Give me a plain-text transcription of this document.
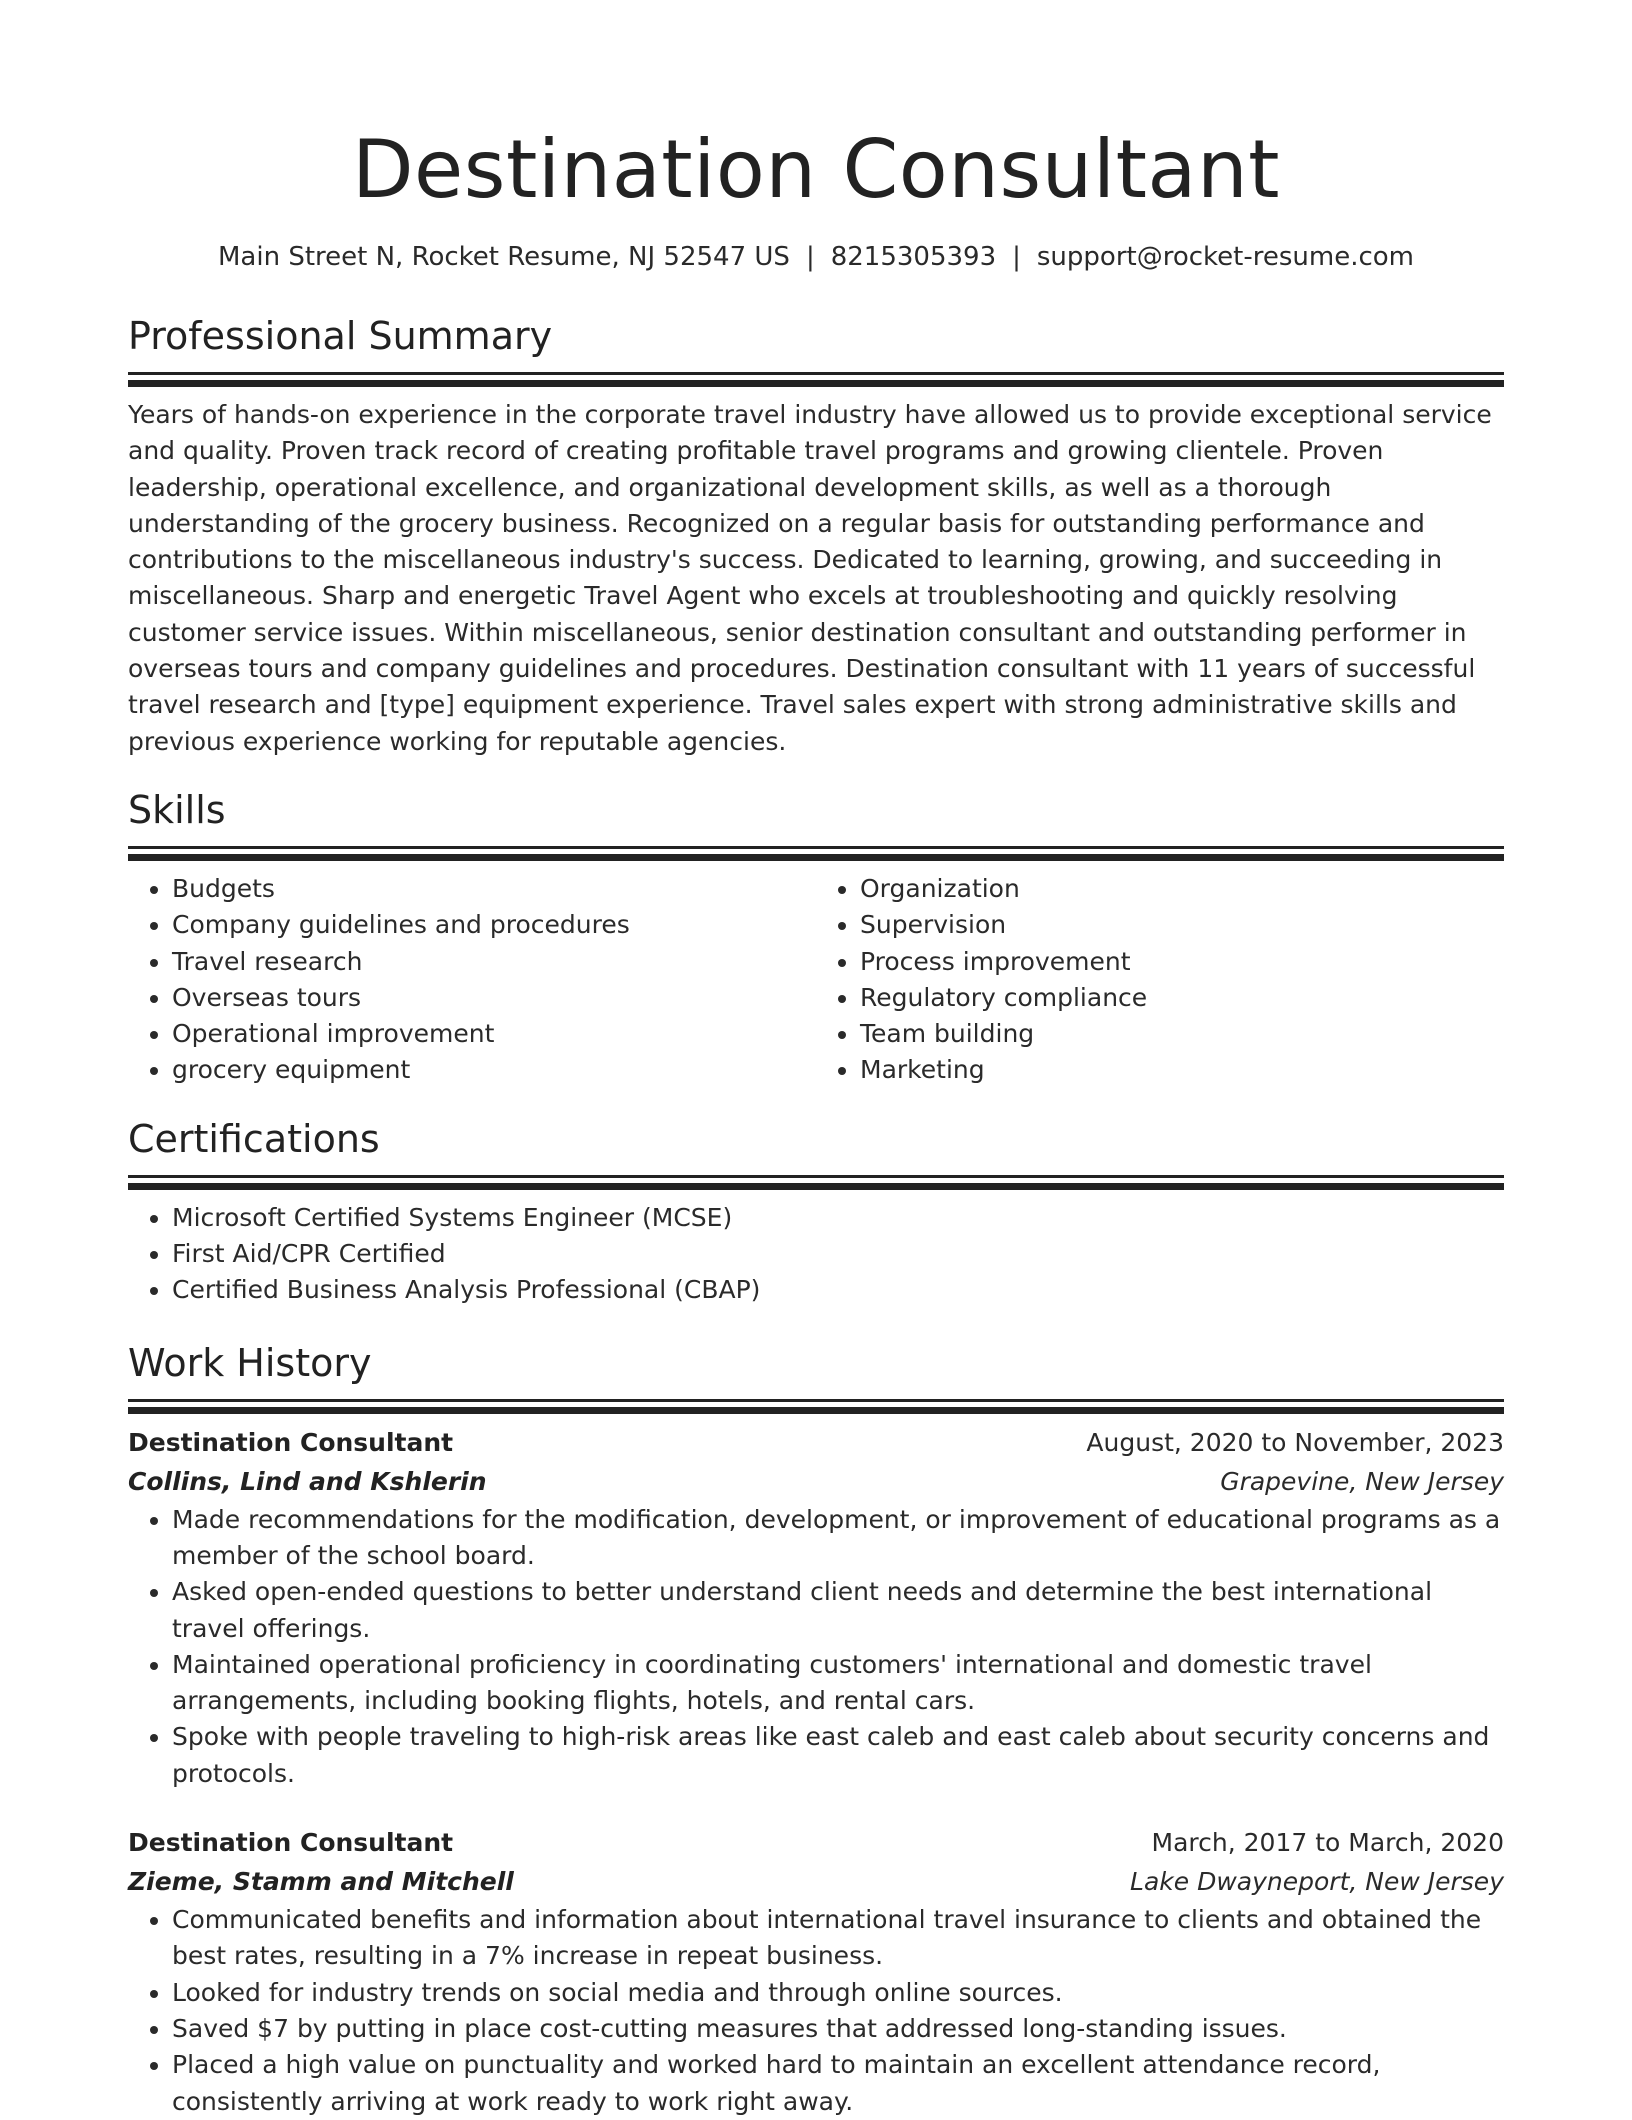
Destination Consultant
Main Street N, Rocket Resume, NJ 52547 US | 8215305393 | support@rocket-resume.com
Professional Summary

Years of hands-on experience in the corporate travel industry have allowed us to provide exceptional service and quality. Proven track record of creating profitable travel programs and growing clientele. Proven leadership, operational excellence, and organizational development skills, as well as a thorough understanding of the grocery business. Recognized on a regular basis for outstanding performance and contributions to the miscellaneous industry's success. Dedicated to learning, growing, and succeeding in miscellaneous. Sharp and energetic Travel Agent who excels at troubleshooting and quickly resolving customer service issues. Within miscellaneous, senior destination consultant and outstanding performer in overseas tours and company guidelines and procedures. Destination consultant with 11 years of successful travel research and [type] equipment experience. Travel sales expert with strong administrative skills and previous experience working for reputable agencies.

Skills
• Budgets
• Company guidelines and procedures
• Travel research
• Overseas tours
• Operational improvement
• grocery equipment
• Organization
• Supervision
• Process improvement
• Regulatory compliance
• Team building
• Marketing
Certifications
• Microsoft Certified Systems Engineer (MCSE)
• First Aid/CPR Certified
• Certified Business Analysis Professional (CBAP)
Work History
Destination Consultant	August, 2020 to November, 2023
Collins, Lind and Kshlerin	Grapevine, New Jersey
• Made recommendations for the modification, development, or improvement of educational programs as a member of the school board.
• Asked open-ended questions to better understand client needs and determine the best international travel offerings.
• Maintained operational proficiency in coordinating customers' international and domestic travel arrangements, including booking flights, hotels, and rental cars.
• Spoke with people traveling to high-risk areas like east caleb and east caleb about security concerns and protocols.
Destination Consultant	March, 2017 to March, 2020
Zieme, Stamm and Mitchell	Lake Dwayneport, New Jersey
• Communicated benefits and information about international travel insurance to clients and obtained the best rates, resulting in a 7% increase in repeat business.
• Looked for industry trends on social media and through online sources.
• Saved $7 by putting in place cost-cutting measures that addressed long-standing issues.
• Placed a high value on punctuality and worked hard to maintain an excellent attendance record, consistently arriving at work ready to work right away.
